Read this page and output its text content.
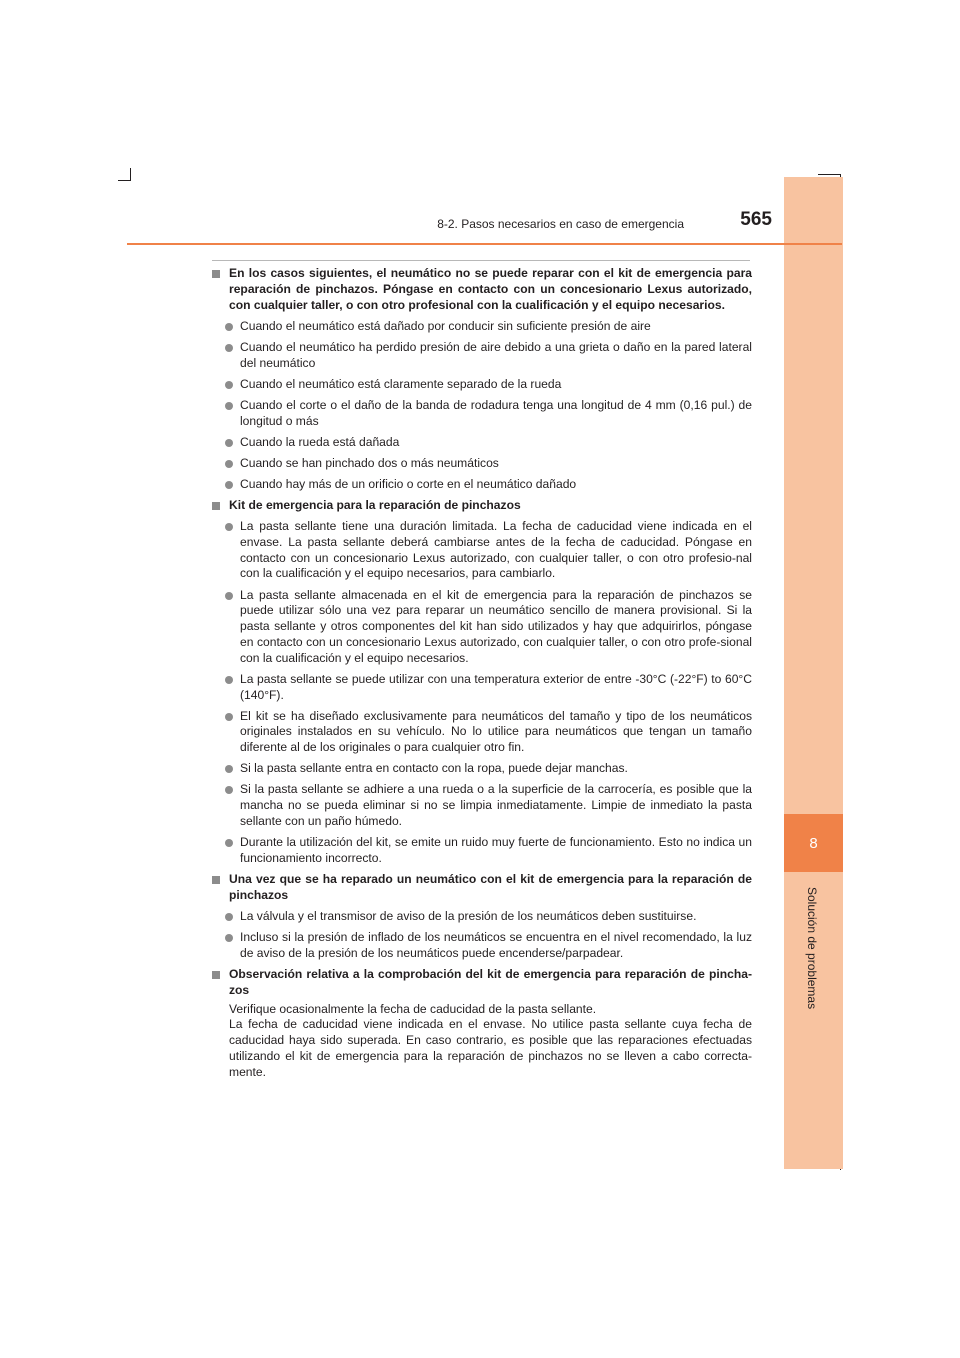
8
Solución de problemas
8-2. Pasos necesarios en caso de emergencia	565
En los casos siguientes, el neumático no se puede reparar con el kit de emergencia para reparación de pinchazos. Póngase en contacto con un concesionario Lexus autorizado, con cualquier taller, o con otro profesional con la cualificación y el equipo necesarios.
Cuando el neumático está dañado por conducir sin suficiente presión de aire
Cuando el neumático ha perdido presión de aire debido a una grieta o daño en la pared lateral del neumático
Cuando el neumático está claramente separado de la rueda
Cuando el corte o el daño de la banda de rodadura tenga una longitud de 4 mm (0,16 pul.) de longitud o más
Cuando la rueda está dañada
Cuando se han pinchado dos o más neumáticos
Cuando hay más de un orificio o corte en el neumático dañado
Kit de emergencia para la reparación de pinchazos
La pasta sellante tiene una duración limitada. La fecha de caducidad viene indicada en el envase. La pasta sellante deberá cambiarse antes de la fecha de caducidad. Póngase en contacto con un concesionario Lexus autorizado, con cualquier taller, o con otro profesio-nal con la cualificación y el equipo necesarios, para cambiarlo.
La pasta sellante almacenada en el kit de emergencia para la reparación de pinchazos se puede utilizar sólo una vez para reparar un neumático sencillo de manera provisional. Si la pasta sellante y otros componentes del kit han sido utilizados y hay que adquirirlos, póngase en contacto con un concesionario Lexus autorizado, con cualquier taller, o con otro profe-sional con la cualificación y el equipo necesarios.
La pasta sellante se puede utilizar con una temperatura exterior de entre -30°C (-22°F) to 60°C (140°F).
El kit se ha diseñado exclusivamente para neumáticos del tamaño y tipo de los neumáticos originales instalados en su vehículo. No lo utilice para neumáticos que tengan un tamaño diferente al de los originales o para cualquier otro fin.
Si la pasta sellante entra en contacto con la ropa, puede dejar manchas.
Si la pasta sellante se adhiere a una rueda o a la superficie de la carrocería, es posible que la mancha no se pueda eliminar si no se limpia inmediatamente. Limpie de inmediato la pasta sellante con un paño húmedo.
Durante la utilización del kit, se emite un ruido muy fuerte de funcionamiento. Esto no indica un funcionamiento incorrecto.
Una vez que se ha reparado un neumático con el kit de emergencia para la reparación de pinchazos
La válvula y el transmisor de aviso de la presión de los neumáticos deben sustituirse.
Incluso si la presión de inflado de los neumáticos se encuentra en el nivel recomendado, la luz de aviso de la presión de los neumáticos puede encenderse/parpadear.
Observación relativa a la comprobación del kit de emergencia para reparación de pincha-zos
Verifique ocasionalmente la fecha de caducidad de la pasta sellante.
La fecha de caducidad viene indicada en el envase. No utilice pasta sellante cuya fecha de caducidad haya sido superada. En caso contrario, es posible que las reparaciones efectuadas utilizando el kit de emergencia para la reparación de pinchazos no se lleven a cabo correcta-mente.
